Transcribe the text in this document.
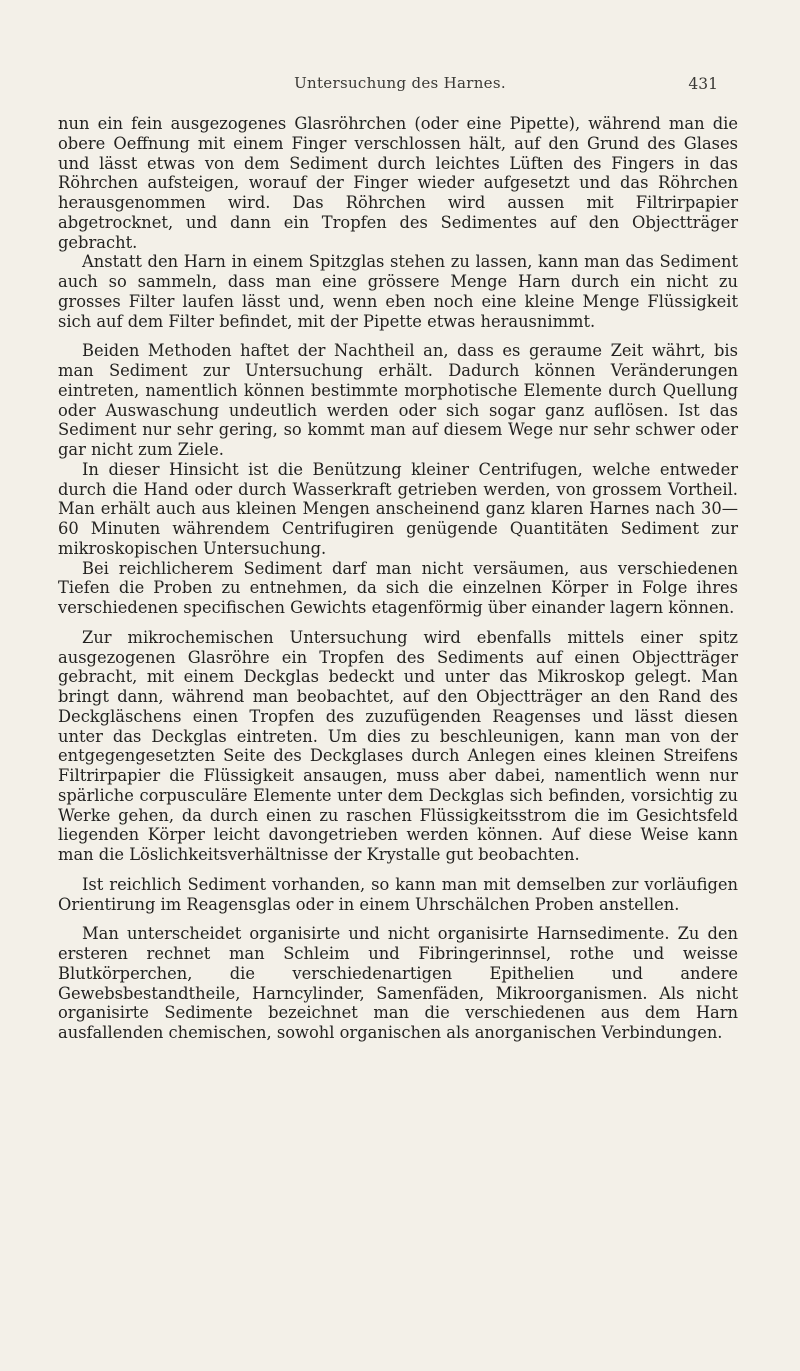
Untersuchung des Harnes.	431

nun ein fein ausgezogenes Glasröhrchen (oder eine Pipette), während man die obere Oeffnung mit einem Finger verschlossen hält, auf den Grund des Glases und lässt etwas von dem Sediment durch leichtes Lüften des Fingers in das Röhrchen aufsteigen, worauf der Finger wieder aufgesetzt und das Röhrchen herausgenommen wird. Das Röhrchen wird aussen mit Filtrirpapier abgetrocknet, und dann ein Tropfen des Sedimentes auf den Objectträger gebracht.

Anstatt den Harn in einem Spitzglas stehen zu lassen, kann man das Sediment auch so sammeln, dass man eine grössere Menge Harn durch ein nicht zu grosses Filter laufen lässt und, wenn eben noch eine kleine Menge Flüssigkeit sich auf dem Filter befindet, mit der Pipette etwas herausnimmt.

Beiden Methoden haftet der Nachtheil an, dass es geraume Zeit währt, bis man Sediment zur Untersuchung erhält. Dadurch können Veränderungen eintreten, namentlich können bestimmte morphotische Elemente durch Quellung oder Auswaschung undeutlich werden oder sich sogar ganz auflösen. Ist das Sediment nur sehr gering, so kommt man auf diesem Wege nur sehr schwer oder gar nicht zum Ziele.

In dieser Hinsicht ist die Benützung kleiner Centrifugen, welche entweder durch die Hand oder durch Wasserkraft getrieben werden, von grossem Vortheil. Man erhält auch aus kleinen Mengen anscheinend ganz klaren Harnes nach 30—60 Minuten währendem Centrifugiren genügende Quantitäten Sediment zur mikroskopischen Untersuchung.

Bei reichlicherem Sediment darf man nicht versäumen, aus verschiedenen Tiefen die Proben zu entnehmen, da sich die einzelnen Körper in Folge ihres verschiedenen specifischen Gewichts etagenförmig über einander lagern können.

Zur mikrochemischen Untersuchung wird ebenfalls mittels einer spitz ausgezogenen Glasröhre ein Tropfen des Sediments auf einen Objectträger gebracht, mit einem Deckglas bedeckt und unter das Mikroskop gelegt. Man bringt dann, während man beobachtet, auf den Objectträger an den Rand des Deckgläschens einen Tropfen des zuzufügenden Reagenses und lässt diesen unter das Deckglas eintreten. Um dies zu beschleunigen, kann man von der entgegengesetzten Seite des Deckglases durch Anlegen eines kleinen Streifens Filtrirpapier die Flüssigkeit ansaugen, muss aber dabei, namentlich wenn nur spärliche corpusculäre Elemente unter dem Deckglas sich befinden, vorsichtig zu Werke gehen, da durch einen zu raschen Flüssigkeitsstrom die im Gesichtsfeld liegenden Körper leicht davongetrieben werden können. Auf diese Weise kann man die Löslichkeitsverhältnisse der Krystalle gut beobachten.

Ist reichlich Sediment vorhanden, so kann man mit demselben zur vorläufigen Orientirung im Reagensglas oder in einem Uhrschälchen Proben anstellen.

Man unterscheidet organisirte und nicht organisirte Harnsedimente. Zu den ersteren rechnet man Schleim und Fibringerinnsel, rothe und weisse Blutkörperchen, die verschiedenartigen Epithelien und andere Gewebsbestandtheile, Harncylinder, Samenfäden, Mikroorganismen. Als nicht organisirte Sedimente bezeichnet man die verschiedenen aus dem Harn ausfallenden chemischen, sowohl organischen als anorganischen Verbindungen.
